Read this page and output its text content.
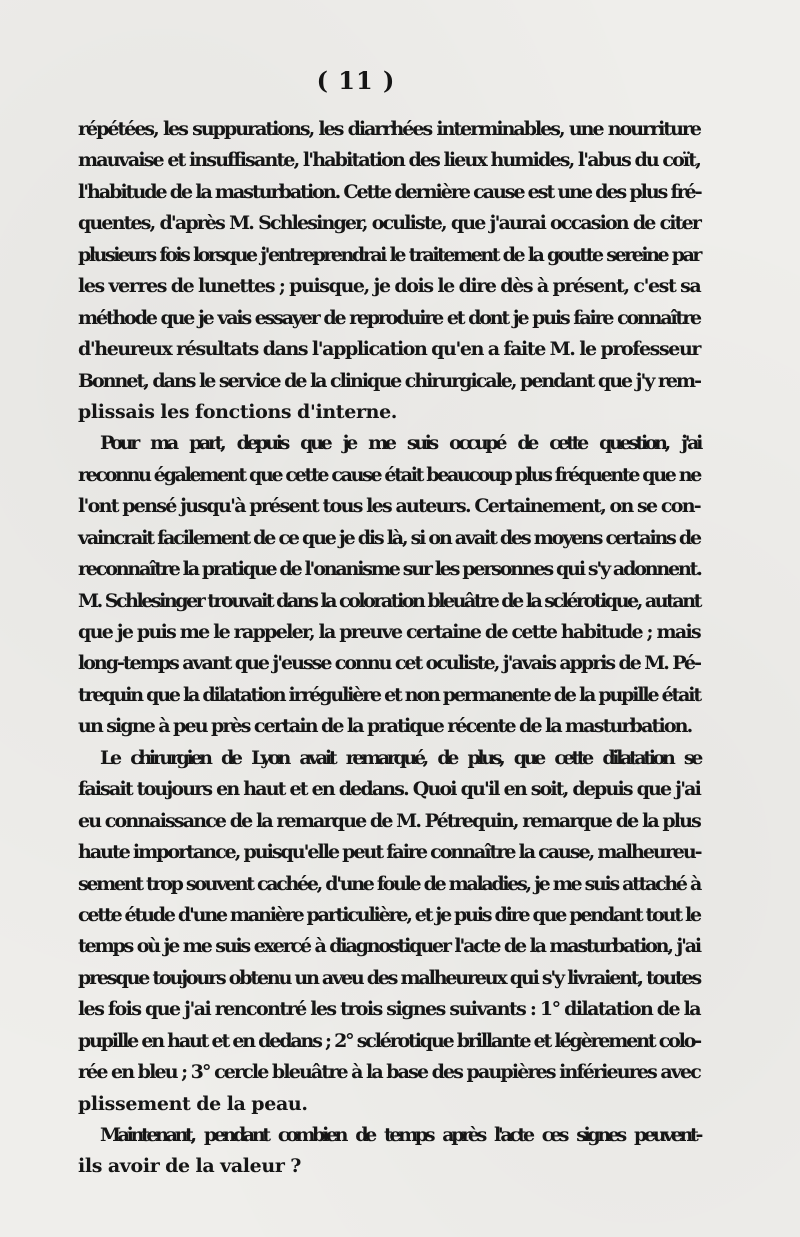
( 11 )
répétées, les suppurations, les diarrhées interminables, une nourriture
mauvaise et insuffisante, l'habitation des lieux humides, l'abus du coït,
l'habitude de la masturbation. Cette dernière cause est une des plus fré-
quentes, d'après M. Schlesinger, oculiste, que j'aurai occasion de citer
plusieurs fois lorsque j'entreprendrai le traitement de la goutte sereine par
les verres de lunettes ; puisque, je dois le dire dès à présent, c'est sa
méthode que je vais essayer de reproduire et dont je puis faire connaître
d'heureux résultats dans l'application qu'en a faite M. le professeur
Bonnet, dans le service de la clinique chirurgicale, pendant que j'y rem-
plissais les fonctions d'interne.
Pour ma part, depuis que je me suis occupé de cette question, j'ai
reconnu également que cette cause était beaucoup plus fréquente que ne
l'ont pensé jusqu'à présent tous les auteurs. Certainement, on se con-
vaincrait facilement de ce que je dis là, si on avait des moyens certains de
reconnaître la pratique de l'onanisme sur les personnes qui s'y adonnent.
M. Schlesinger trouvait dans la coloration bleuâtre de la sclérotique, autant
que je puis me le rappeler, la preuve certaine de cette habitude ; mais
long-temps avant que j'eusse connu cet oculiste, j'avais appris de M. Pé-
trequin que la dilatation irrégulière et non permanente de la pupille était
un signe à peu près certain de la pratique récente de la masturbation.
Le chirurgien de Lyon avait remarqué, de plus, que cette dilatation se
faisait toujours en haut et en dedans. Quoi qu'il en soit, depuis que j'ai
eu connaissance de la remarque de M. Pétrequin, remarque de la plus
haute importance, puisqu'elle peut faire connaître la cause, malheureu-
sement trop souvent cachée, d'une foule de maladies, je me suis attaché à
cette étude d'une manière particulière, et je puis dire que pendant tout le
temps où je me suis exercé à diagnostiquer l'acte de la masturbation, j'ai
presque toujours obtenu un aveu des malheureux qui s'y livraient, toutes
les fois que j'ai rencontré les trois signes suivants : 1° dilatation de la
pupille en haut et en dedans ; 2° sclérotique brillante et légèrement colo-
rée en bleu ; 3° cercle bleuâtre à la base des paupières inférieures avec
plissement de la peau.
Maintenant, pendant combien de temps après l'acte ces signes peuvent-
ils avoir de la valeur ?
